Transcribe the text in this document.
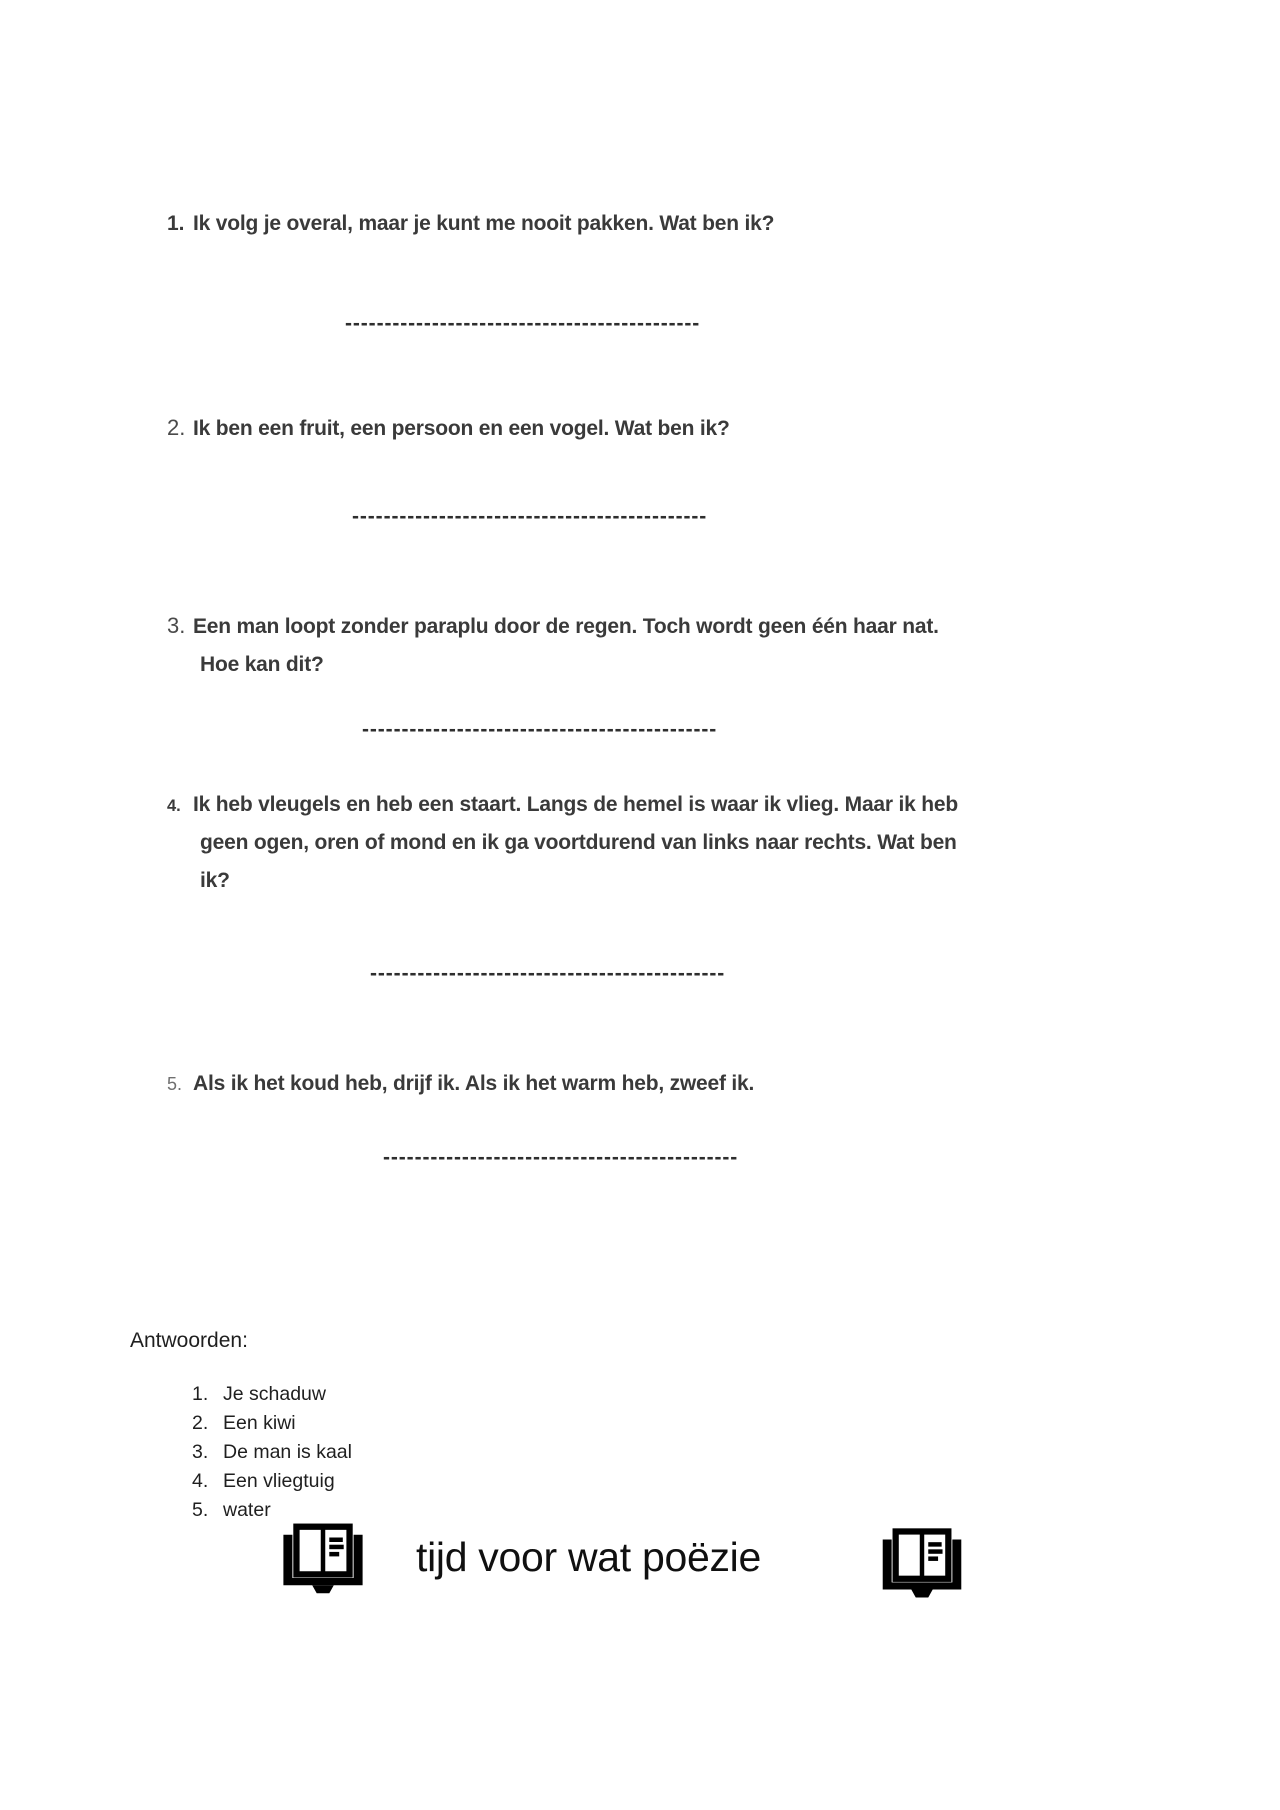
1. Ik volg je overal, maar je kunt me nooit pakken. Wat ben ik?
---------------------------------------------
2. Ik ben een fruit, een persoon en een vogel. Wat ben ik?
---------------------------------------------
3. Een man loopt zonder paraplu door de regen. Toch wordt geen één haar nat.
Hoe kan dit?
---------------------------------------------
4. Ik heb vleugels en heb een staart. Langs de hemel is waar ik vlieg. Maar ik heb
geen ogen, oren of mond en ik ga voortdurend van links naar rechts. Wat ben
ik?
---------------------------------------------
5. Als ik het koud heb, drijf ik. Als ik het warm heb, zweef ik.
---------------------------------------------
Antwoorden:
1. Je schaduw
2. Een kiwi
3. De man is kaal
4. Een vliegtuig
5. water
tijd voor wat poëzie
